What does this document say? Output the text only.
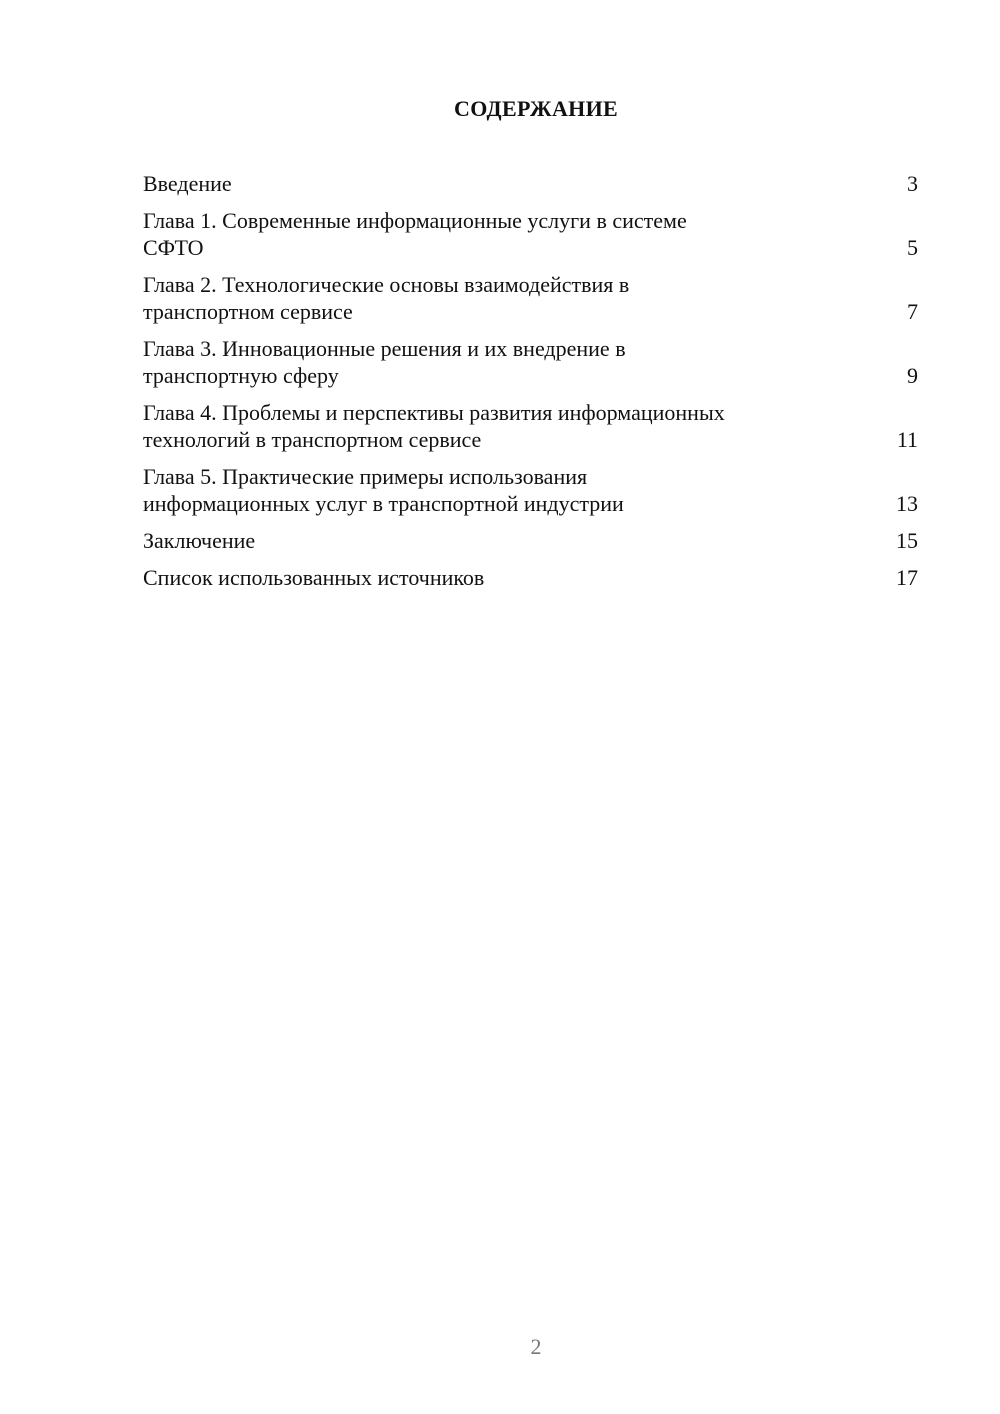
СОДЕРЖАНИЕ
Введение	3
Глава 1. Современные информационные услуги в системе
СФТО	5
Глава 2. Технологические основы взаимодействия в
транспортном сервисе	7
Глава 3. Инновационные решения и их внедрение в
транспортную сферу	9
Глава 4. Проблемы и перспективы развития информационных
технологий в транспортном сервисе	11
Глава 5. Практические примеры использования
информационных услуг в транспортной индустрии	13
Заключение	15
Список использованных источников	17
2
